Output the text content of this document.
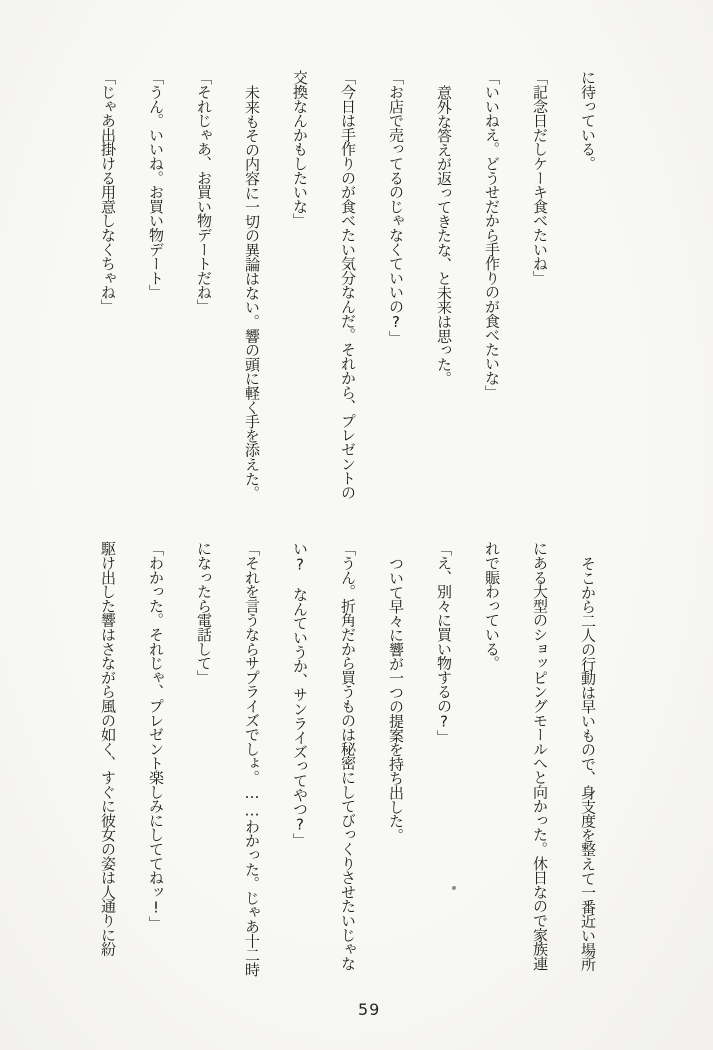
に待っている。
「記念日だしケーキ食べたいね」
「いいねえ。どうせだから手作りのが食べたいな」
意外な答えが返ってきたな、と未来は思った。
「お店で売ってるのじゃなくていいの?」
「今日は手作りのが食べたい気分なんだ。それから、プレゼントの
交換なんかもしたいな」
未来もその内容に一切の異論はない。響の頭に軽く手を添えた。
「それじゃあ、お買い物デートだね」
「うん。いいね。お買い物デート」
「じゃあ出掛ける用意しなくちゃね」
そこから二人の行動は早いもので、身支度を整えて一番近い場所
にある大型のショッピングモールへと向かった。休日なので家族連
れで賑わっている。
「え、別々に買い物するの?」
ついて早々に響が一つの提案を持ち出した。
「うん。折角だから買うものは秘密にしてびっくりさせたいじゃな
い?　なんていうか、サンライズってやつ?」
「それを言うならサプライズでしょ。……わかった。じゃあ十二時
になったら電話して」
「わかった。それじゃ、プレゼント楽しみにしててねッ!」
駆け出した響はさながら風の如く、すぐに彼女の姿は人通りに紛
59
